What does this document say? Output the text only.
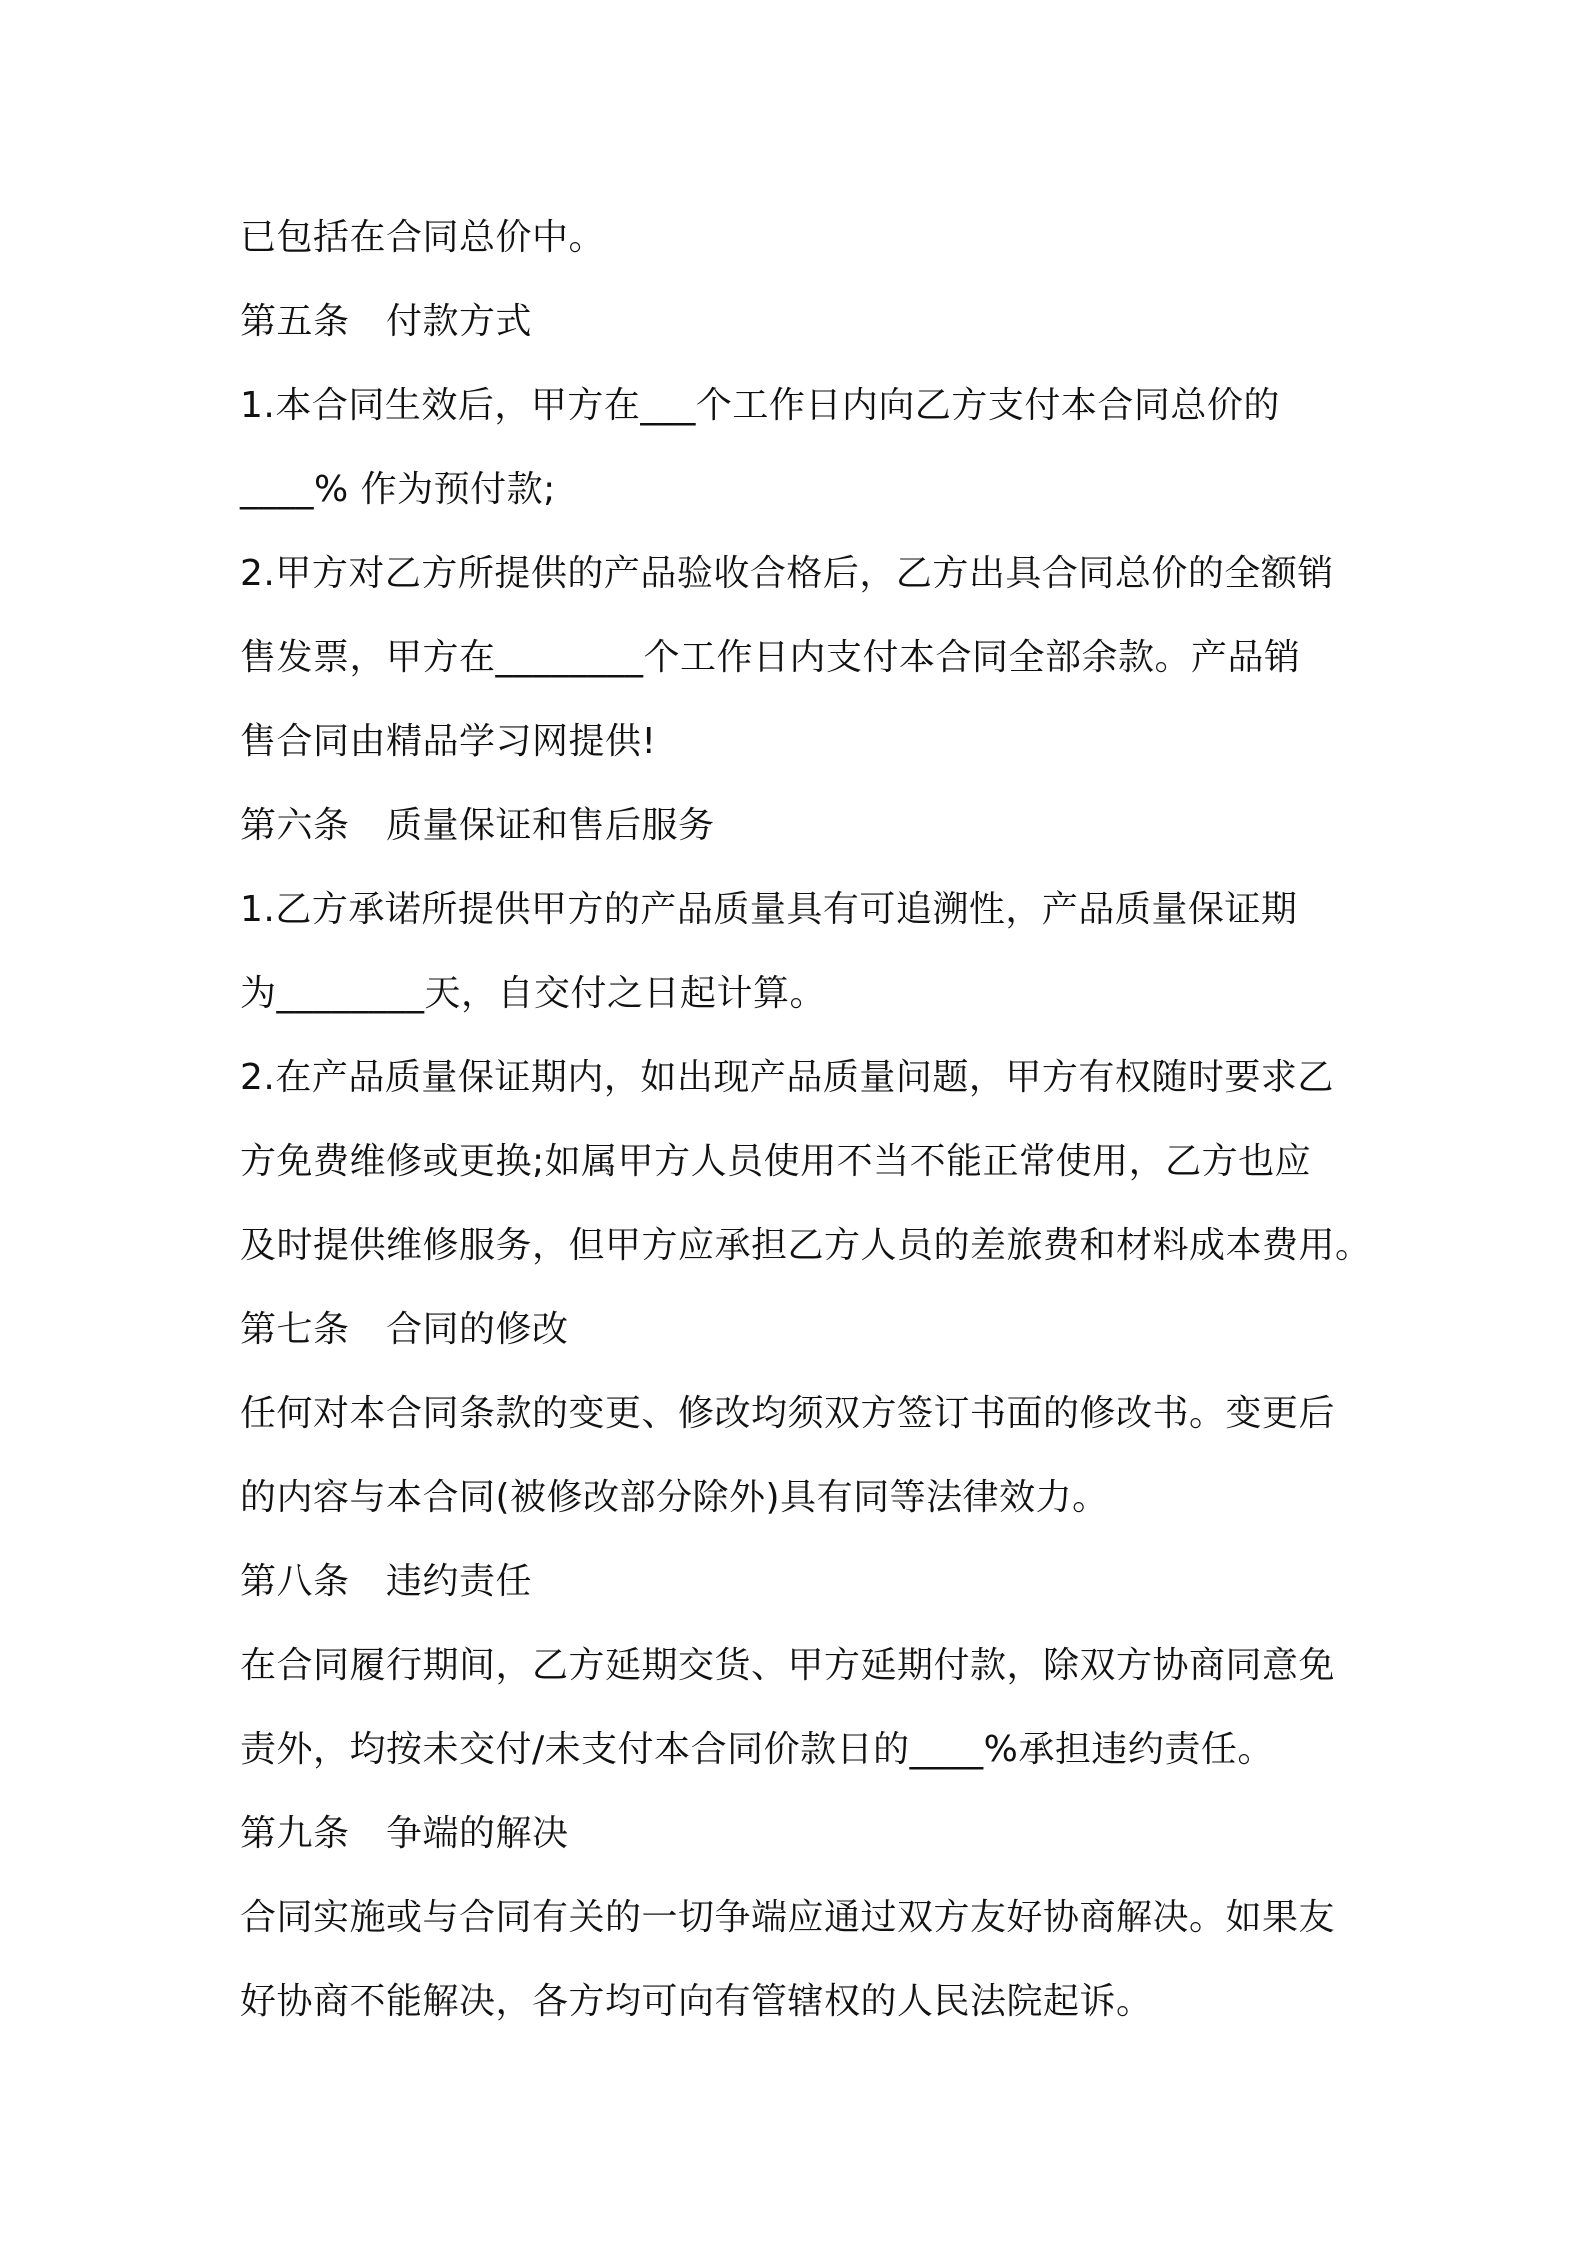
已包括在合同总价中。
第五条　付款方式
1.本合同生效后，甲方在___个工作日内向乙方支付本合同总价的
____% 作为预付款;
2.甲方对乙方所提供的产品验收合格后，乙方出具合同总价的全额销
售发票，甲方在________个工作日内支付本合同全部余款。产品销
售合同由精品学习网提供!
第六条　质量保证和售后服务
1.乙方承诺所提供甲方的产品质量具有可追溯性，产品质量保证期
为________天，自交付之日起计算。
2.在产品质量保证期内，如出现产品质量问题，甲方有权随时要求乙
方免费维修或更换;如属甲方人员使用不当不能正常使用，乙方也应
及时提供维修服务，但甲方应承担乙方人员的差旅费和材料成本费用。
第七条　合同的修改
任何对本合同条款的变更、修改均须双方签订书面的修改书。变更后
的内容与本合同(被修改部分除外)具有同等法律效力。
第八条　违约责任
在合同履行期间，乙方延期交货、甲方延期付款，除双方协商同意免
责外，均按未交付/未支付本合同价款日的____%承担违约责任。
第九条　争端的解决
合同实施或与合同有关的一切争端应通过双方友好协商解决。如果友
好协商不能解决，各方均可向有管辖权的人民法院起诉。
